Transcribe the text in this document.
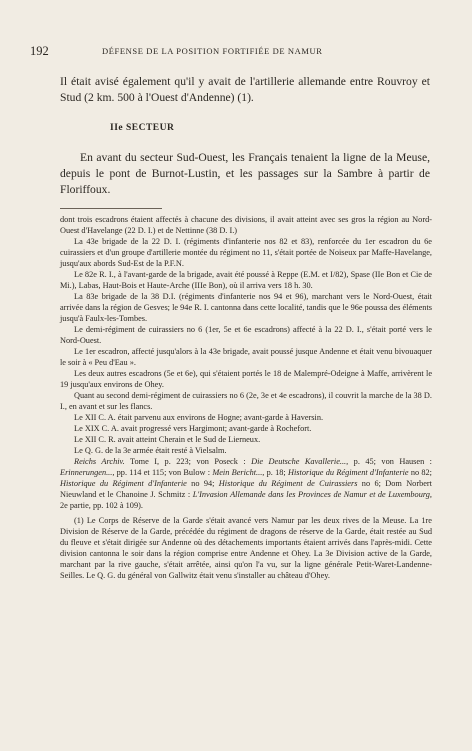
192	DÉFENSE DE LA POSITION FORTIFIÉE DE NAMUR

Il était avisé également qu'il y avait de l'artillerie allemande entre Rouvroy et Stud (2 km. 500 à l'Ouest d'Andenne) (1).

IIe SECTEUR

En avant du secteur Sud-Ouest, les Français tenaient la ligne de la Meuse, depuis le pont de Burnot-Lustin, et les passages sur la Sambre à partir de Floriffoux.

dont trois escadrons étaient affectés à chacune des divisions, il avait atteint avec ses gros la région au Nord-Ouest d'Havelange (22 D. I.) et de Nettinne (38 D. I.)

La 43e brigade de la 22 D. I. (régiments d'infanterie nos 82 et 83), renforcée du 1er escadron du 6e cuirassiers et d'un groupe d'artillerie montée du régiment no 11, s'était portée de Noiseux par Maffe-Havelange, jusqu'aux abords Sud-Est de la P.F.N.

Le 82e R. I., à l'avant-garde de la brigade, avait été poussé à Reppe (E.M. et I/82), Spase (IIe Bon et Cie de Mi.), Labas, Haut-Bois et Haute-Arche (IIIe Bon), où il arriva vers 18 h. 30.

La 83e brigade de la 38 D.I. (régiments d'infanterie nos 94 et 96), marchant vers le Nord-Ouest, était arrivée dans la région de Gesves; le 94e R. I. cantonna dans cette localité, tandis que le 96e poussa des éléments jusqu'à Faulx-les-Tombes.

Le demi-régiment de cuirassiers no 6 (1er, 5e et 6e escadrons) affecté à la 22 D. I., s'était porté vers le Nord-Ouest.

Le 1er escadron, affecté jusqu'alors à la 43e brigade, avait poussé jusque Andenne et était venu bivouaquer le soir à « Peu d'Eau ».

Les deux autres escadrons (5e et 6e), qui s'étaient portés le 18 de Malempré-Odeigne à Maffe, arrivèrent le 19 jusqu'aux environs de Ohey.

Quant au second demi-régiment de cuirassiers no 6 (2e, 3e et 4e escadrons), il couvrit la marche de la 38 D. I., en avant et sur les flancs.

Le XII C. A. était parvenu aux environs de Hogne; avant-garde à Haversin.

Le XIX C. A. avait progressé vers Hargimont; avant-garde à Rochefort.

Le XII C. R. avait atteint Cherain et le Sud de Lierneux.

Le Q. G. de la 3e armée était resté à Vielsalm.

Reichs Archiv. Tome I, p. 223; von Poseck : Die Deutsche Kavallerie..., p. 45; von Hausen : Erinnerungen..., pp. 114 et 115; von Bulow : Mein Bericht..., p. 18; Historique du Régiment d'Infanterie no 82; Historique du Régiment d'Infanterie no 94; Historique du Régiment de Cuirassiers no 6; Dom Norbert Nieuwland et le Chanoine J. Schmitz : L'Invasion Allemande dans les Provinces de Namur et de Luxembourg, 2e partie, pp. 102 à 109).

(1) Le Corps de Réserve de la Garde s'était avancé vers Namur par les deux rives de la Meuse. La 1re Division de Réserve de la Garde, précédée du régiment de dragons de réserve de la Garde, était restée au Sud du fleuve et s'était dirigée sur Andenne où des détachements importants étaient arrivés dans l'après-midi. Cette division cantonna le soir dans la région comprise entre Andenne et Ohey. La 3e Division active de la Garde, marchant par la rive gauche, s'était arrêtée, ainsi qu'on l'a vu, sur la ligne générale Petit-Waret-Landenne-Seilles. Le Q. G. du général von Gallwitz était venu s'installer au château d'Ohey.
